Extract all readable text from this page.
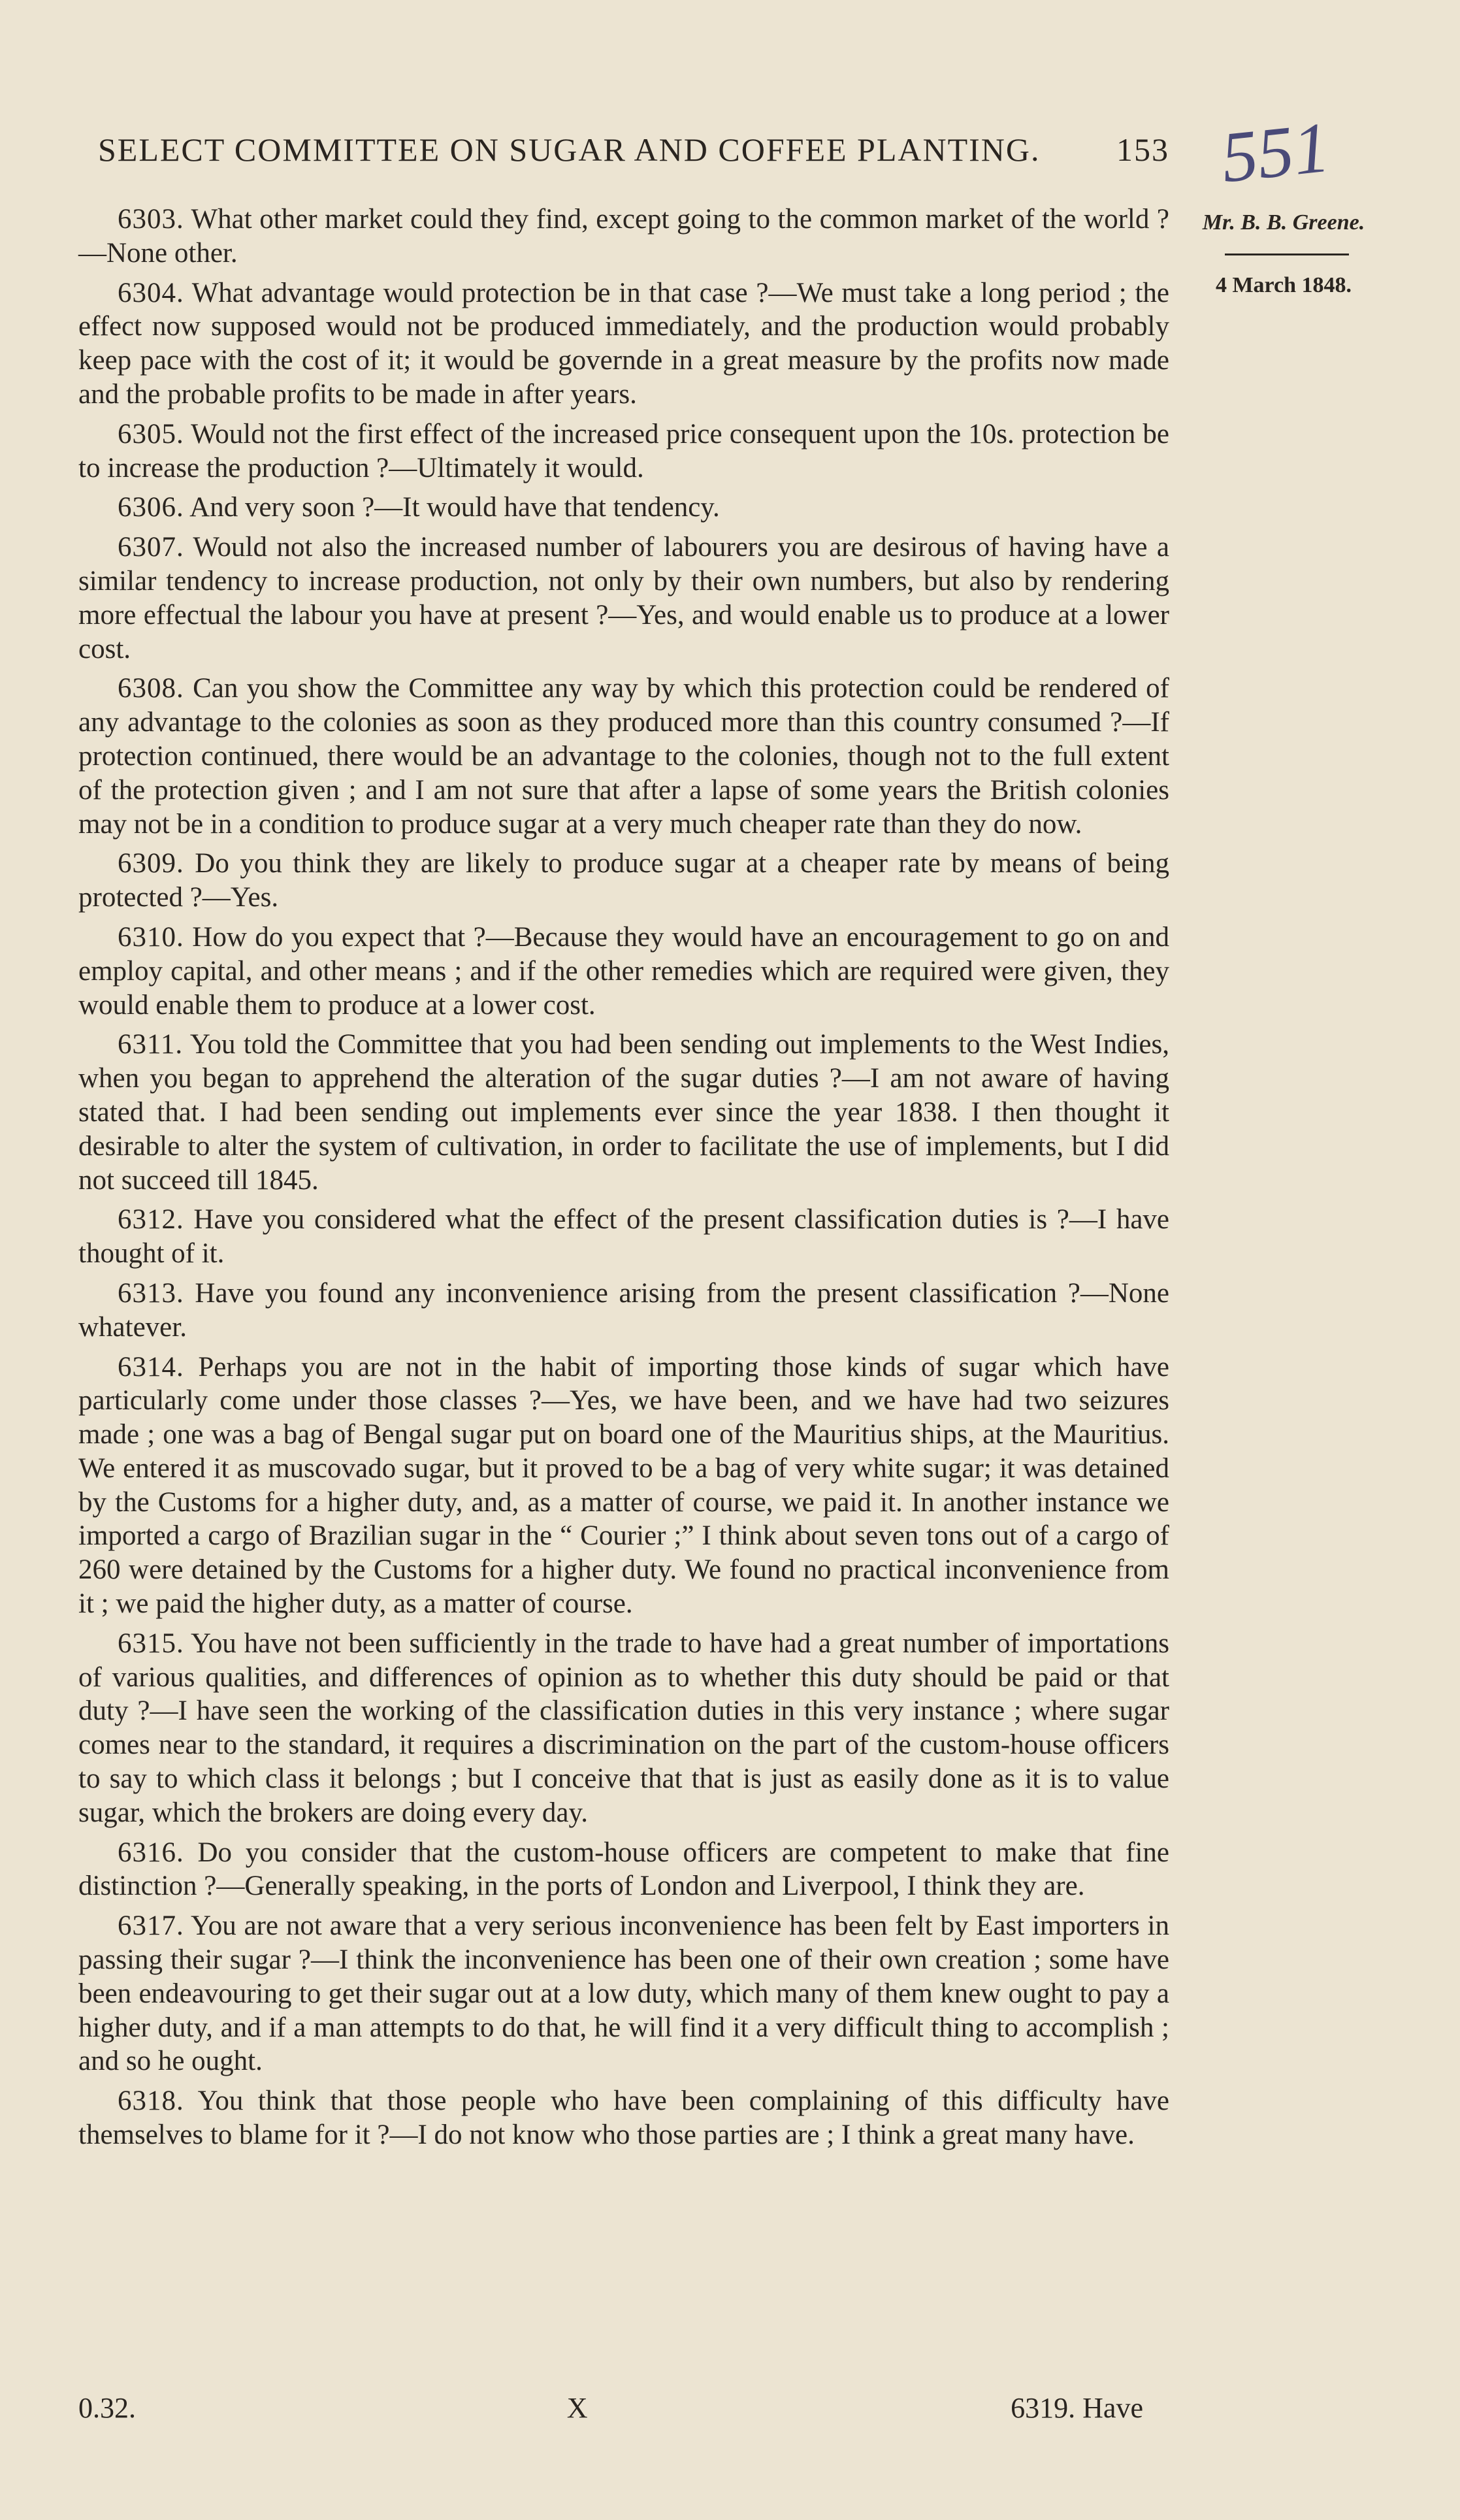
SELECT COMMITTEE ON SUGAR AND COFFEE PLANTING. 153 551
Mr. B. B. Greene.
4 March 1848.

6303. What other market could they find, except going to the common market of the world ?—None other.

6304. What advantage would protection be in that case ?—We must take a long period ; the effect now supposed would not be produced immediately, and the production would probably keep pace with the cost of it; it would be governde in a great measure by the profits now made and the probable profits to be made in after years.

6305. Would not the first effect of the increased price consequent upon the 10s. protection be to increase the production ?—Ultimately it would.

6306. And very soon ?—It would have that tendency.

6307. Would not also the increased number of labourers you are desirous of having have a similar tendency to increase production, not only by their own numbers, but also by rendering more effectual the labour you have at present ?—Yes, and would enable us to produce at a lower cost.

6308. Can you show the Committee any way by which this protection could be rendered of any advantage to the colonies as soon as they produced more than this country consumed ?—If protection continued, there would be an advantage to the colonies, though not to the full extent of the protection given ; and I am not sure that after a lapse of some years the British colonies may not be in a condition to produce sugar at a very much cheaper rate than they do now.

6309. Do you think they are likely to produce sugar at a cheaper rate by means of being protected ?—Yes.

6310. How do you expect that ?—Because they would have an encouragement to go on and employ capital, and other means ; and if the other remedies which are required were given, they would enable them to produce at a lower cost.

6311. You told the Committee that you had been sending out implements to the West Indies, when you began to apprehend the alteration of the sugar duties ?—I am not aware of having stated that. I had been sending out implements ever since the year 1838. I then thought it desirable to alter the system of cultivation, in order to facilitate the use of implements, but I did not succeed till 1845.

6312. Have you considered what the effect of the present classification duties is ?—I have thought of it.

6313. Have you found any inconvenience arising from the present classification ?—None whatever.

6314. Perhaps you are not in the habit of importing those kinds of sugar which have particularly come under those classes ?—Yes, we have been, and we have had two seizures made ; one was a bag of Bengal sugar put on board one of the Mauritius ships, at the Mauritius. We entered it as muscovado sugar, but it proved to be a bag of very white sugar; it was detained by the Customs for a higher duty, and, as a matter of course, we paid it. In another instance we imported a cargo of Brazilian sugar in the “ Courier ;” I think about seven tons out of a cargo of 260 were detained by the Customs for a higher duty. We found no practical inconvenience from it ; we paid the higher duty, as a matter of course.

6315. You have not been sufficiently in the trade to have had a great number of importations of various qualities, and differences of opinion as to whether this duty should be paid or that duty ?—I have seen the working of the classification duties in this very instance ; where sugar comes near to the standard, it requires a discrimination on the part of the custom-house officers to say to which class it belongs ; but I conceive that that is just as easily done as it is to value sugar, which the brokers are doing every day.

6316. Do you consider that the custom-house officers are competent to make that fine distinction ?—Generally speaking, in the ports of London and Liverpool, I think they are.

6317. You are not aware that a very serious inconvenience has been felt by East importers in passing their sugar ?—I think the inconvenience has been one of their own creation ; some have been endeavouring to get their sugar out at a low duty, which many of them knew ought to pay a higher duty, and if a man attempts to do that, he will find it a very difficult thing to accomplish ; and so he ought.

6318. You think that those people who have been complaining of this difficulty have themselves to blame for it ?—I do not know who those parties are ; I think a great many have.

0.32.	X	6319. Have
